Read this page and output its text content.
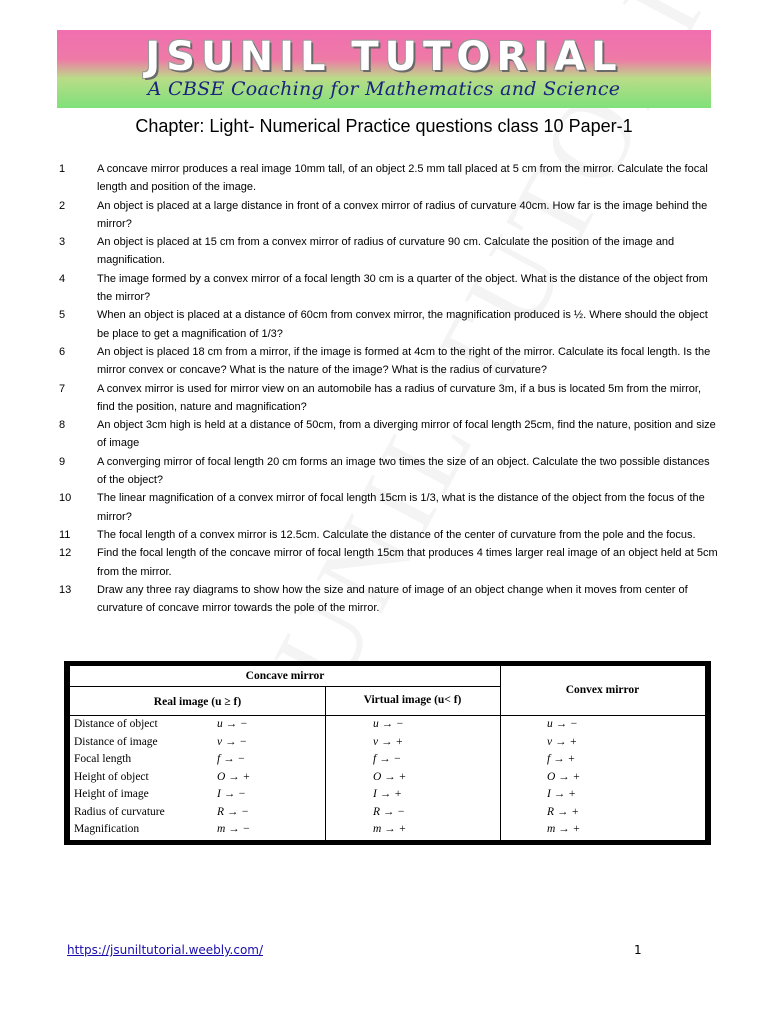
JSUNIL TUTORIAL
A CBSE Coaching for Mathematics and Science
Chapter: Light- Numerical Practice questions class 10 Paper-1
1	A concave mirror produces a real image 10mm tall, of an object 2.5 mm tall placed at 5 cm from the mirror. Calculate the focal length and position of the image.
2	An object is placed at a large distance in front of a convex mirror of radius of curvature 40cm. How far is the image behind the mirror?
3	An object is placed at 15 cm from a convex mirror of radius of curvature 90 cm. Calculate the position of the image and magnification.
4	The image formed by a convex mirror of a focal length 30 cm is a quarter of the object. What is the distance of the object from the mirror?
5	When an object is placed at a distance of 60cm from convex mirror, the magnification produced is ½. Where should the object be place to get a magnification of 1/3?
6	An object is placed 18 cm from a mirror, if the image is formed at 4cm to the right of the mirror. Calculate its focal length. Is the mirror convex or concave? What is the nature of the image? What is the radius of curvature?
7	A convex mirror is used for mirror view on an automobile has a radius of curvature 3m, if a bus is located 5m from the mirror, find the position, nature and magnification?
8	An object 3cm high is held at a distance of 50cm, from a diverging mirror of focal length 25cm, find the nature, position and size of image
9	A converging mirror of focal length 20 cm forms an image two times the size of an object. Calculate the two possible distances of the object?
10	The linear magnification of a convex mirror of focal length 15cm is 1/3, what is the distance of the object from the focus of the mirror?
11	The focal length of a convex mirror is 12.5cm. Calculate the distance of the center of curvature from the pole and the focus.
12	Find the focal length of the concave mirror of focal length 15cm that produces 4 times larger real image of an object held at 5cm from the mirror.
13	Draw any three ray diagrams to show how the size and nature of image of an object change when it moves from center of curvature of concave mirror towards the pole of the mirror.
Concave mirror
Real image (u ≥ f)	Virtual image (u< f)
Convex mirror
Distance of object	u → −	u → −	u → −
Distance of image	v → −	v → +	v → +
Focal length	f → −	f → −	f → +
Height of object	O → +	O → +	O → +
Height of image	I → −	I → +	I → +
Radius of curvature	R → −	R → −	R → +
Magnification	m → −	m → +	m → +
https://jsuniltutorial.weebly.com/	1
